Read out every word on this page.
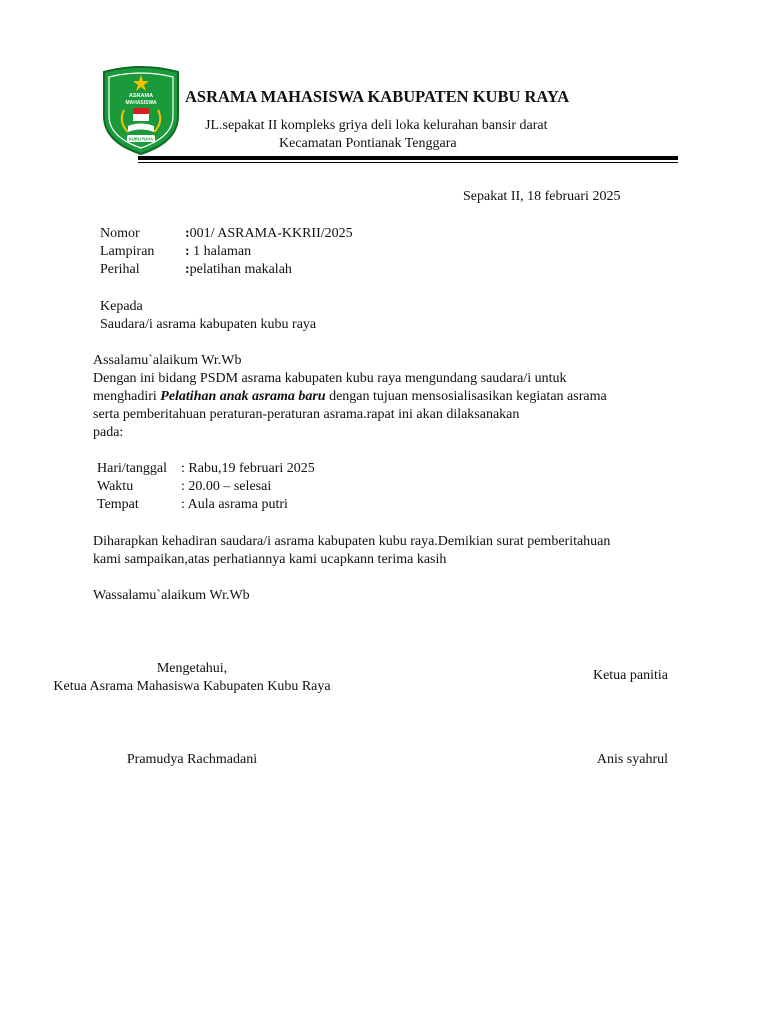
ASRAMA
MAHASISWA
KUBU RAYA
ASRAMA MAHASISWA KABUPATEN KUBU RAYA
JL.sepakat II kompleks griya deli loka kelurahan bansir darat
Kecamatan Pontianak Tenggara
Sepakat II, 18 februari 2025
Nomor	:001/ ASRAMA-KKRII/2025
Lampiran : 1 halaman
Perihal	:pelatihan makalah
Kepada
Saudara/i asrama kabupaten kubu raya
Assalamu`alaikum Wr.Wb
Dengan ini bidang PSDM asrama kabupaten kubu raya mengundang saudara/i untuk
menghadiri Pelatihan anak asrama baru dengan tujuan mensosialisasikan kegiatan asrama
serta pemberitahuan peraturan-peraturan asrama.rapat ini akan dilaksanakan
pada:
Hari/tanggal : Rabu,19 februari 2025
Waktu	: 20.00 – selesai
Tempat	: Aula asrama putri
Diharapkan kehadiran saudara/i asrama kabupaten kubu raya.Demikian surat pemberitahuan
kami sampaikan,atas perhatiannya kami ucapkann terima kasih
Wassalamu`alaikum Wr.Wb
Mengetahui,
Ketua Asrama Mahasiswa Kabupaten Kubu Raya
Pramudya Rachmadani
Ketua panitia
Anis syahrul
